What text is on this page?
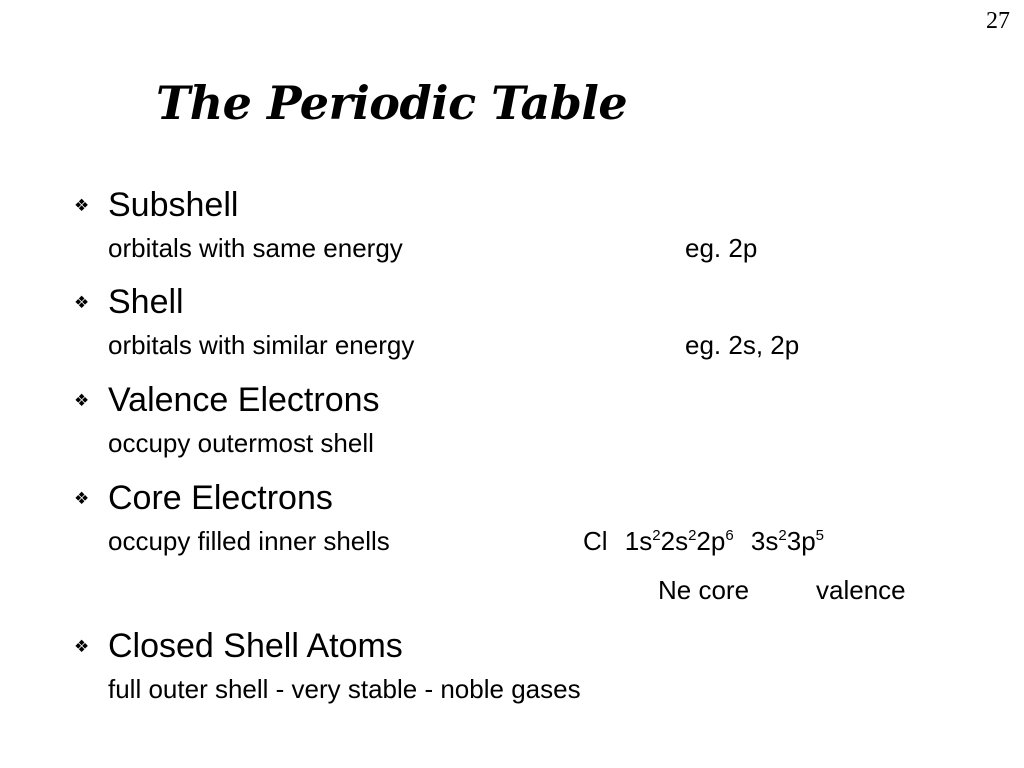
27
The Periodic Table
❖ Subshell
orbitals with same energy	eg. 2p
❖ Shell
orbitals with similar energy	eg. 2s, 2p
❖ Valence Electrons
occupy outermost shell
❖ Core Electrons
occupy filled inner shells	Cl $1s^22s^22p^6$ $3s^23p^5$
Ne core	valence
❖ Closed Shell Atoms
full outer shell - very stable - noble gases
